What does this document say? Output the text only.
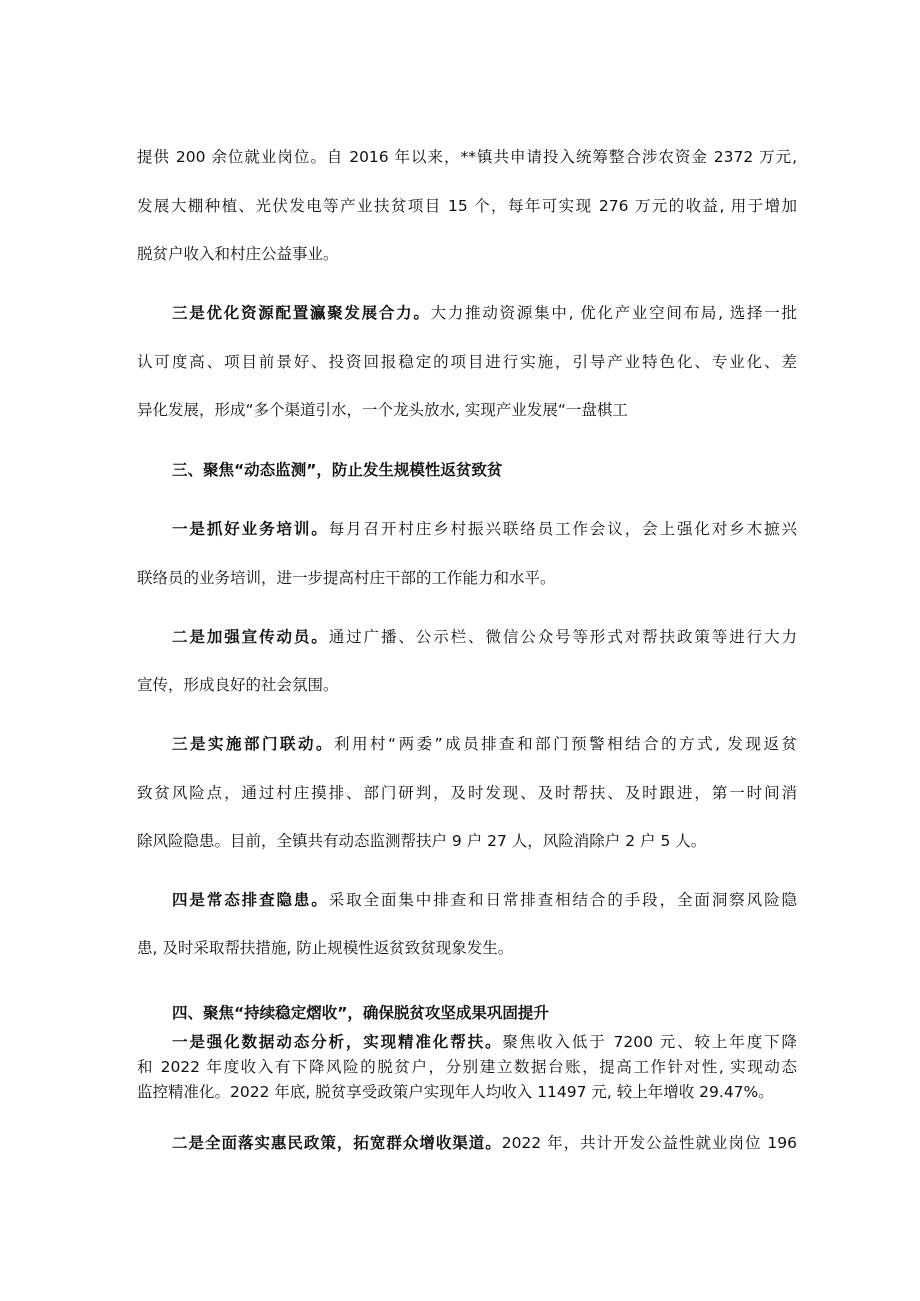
提供 200 余位就业岗位。自 2016 年以来，**镇共申请投入统筹整合涉农资金 2372 万元,

发展大棚种植、光伏发电等产业扶贫项目 15 个，每年可实现 276 万元的收益, 用于增加

脱贫户收入和村庄公益事业。

三是优化资源配置瀛聚发展合力。大力推动资源集中, 优化产业空间布局, 选择一批

认可度高、项目前景好、投资回报稳定的项目进行实施，引导产业特色化、专业化、差

异化发展，形成“多个渠道引水，一个龙头放水, 实现产业发展“一盘棋工

三、聚焦“动态监测”，防止发生规模性返贫致贫

一是抓好业务培训。每月召开村庄乡村振兴联络员工作会议，会上强化对乡木摭兴

联络员的业务培训，进一步提高村庄干部的工作能力和水平。

二是加强宣传动员。通过广播、公示栏、微信公众号等形式对帮扶政策等进行大力

宣传，形成良好的社会氛围。

三是实施部门联动。利用村“两委”成员排查和部门预警相结合的方式, 发现返贫

致贫风险点，通过村庄摸排、部门研判，及时发现、及时帮扶、及时跟进，第一时间消

除风险隐患。目前，全镇共有动态监测帮扶户 9 户 27 人，风险消除户 2 户 5 人。

四是常态排查隐患。采取全面集中排查和日常排查相结合的手段，全面洞察风险隐

患, 及时采取帮扶措施, 防止规模性返贫致贫现象发生。

四、聚焦“持续稳定熠收”，确保脱贫攻坚成果巩固提升

一是强化数据动态分析，实现精准化帮扶。聚焦收入低于 7200 元、较上年度下降

和 2022 年度收入有下降风险的脱贫户，分别建立数据台账，提高工作针对性, 实现动态

监控精准化。2022 年底, 脱贫享受政策户实现年人均收入 11497 元, 较上年增收 29.47%。

二是全面落实惠民政策，拓宽群众增收渠道。2022 年，共计开发公益性就业岗位 196
